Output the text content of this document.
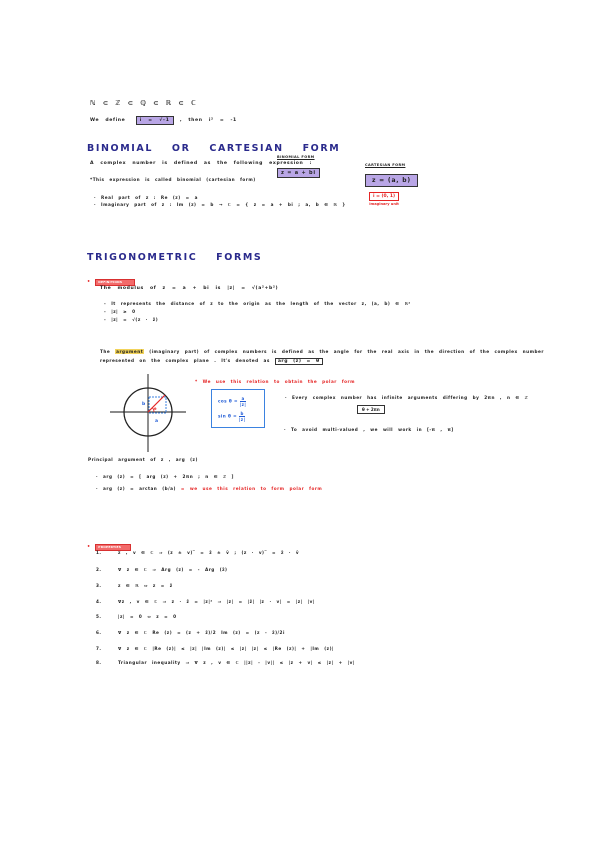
ℕ ⊂ ℤ ⊂ ℚ ⊂ ℝ ⊂ ℂ
We define	i = √-1 , then i² = -1
BINOMIAL OR CARTESIAN FORM
A complex number is defined as the following expression :
BINOMIAL FORM
z = a + bi
CARTESIAN FORM
z = (a, b)
i = (0, 1)
imaginary unit
*This expression is called binomial (cartesian form)
· Real part of z : Re (z) = a
· Imaginary part of z : Im (z) = b → ℂ = { z = a + bi ; a, b ∈ ℝ }
TRIGONOMETRIC FORMS
•	DEFINITIONS
The modulus of z = a + bi is |z| = √(a²+b²)
- It represents the distance of z to the origin as the length of the vector z, (a, b) ∈ ℝ²
- |z| ≥ 0
- |z| = √(z · z̄)
The argument (imaginary part) of complex numbers is defined as the angle for the real axis in the direction of the complex number
represented on the complex plane . It's denoted as arg (z) = θ
b
a
θ
* We use this relation to obtain the polar form
$\cos \theta = \frac{a}{|z|}$
$\sin \theta = \frac{b}{|z|}$
· Every complex number has infinite arguments differing by 2πn , n ∈ ℤ
θ + 2πn
· To avoid multi-valued , we will work in [-π , π]
Principal argument of z , arg (z)
· arg (z) = [ arg (z) + 2πn ; n ∈ ℤ ]
· arg (z) = arctan (b/a) = we use this relation to form polar form
•	PROPERTIES
1.	z , v ∈ ℂ ⇒ (z ± v)‾ = z̄ ± v̄ ; (z · v)‾ = z̄ · v̄
2.	∀ z ∈ ℂ ⇒ Arg (z) = - Arg (z̄)
3.	z ∈ ℝ ⇔ z = z̄
4.	∀z , v ∈ ℂ ⇒ z · z̄ = |z|² ⇒ |z| = |z̄| |z · v| = |z| |v|
5.	|z| = 0 ⇔ z = 0
6.	∀ z ∈ ℂ Re (z) = (z + z̄)/2 Im (z) = (z - z̄)/2i
7.	∀ z ∈ ℂ |Re (z)| ≤ |z| |Im (z)| ≤ |z| |z| ≤ |Re (z)| + |Im (z)|
8.	Triangular inequality ⇒ ∀ z , v ∈ ℂ ||z| - |v|| ≤ |z + v| ≤ |z| + |v|
